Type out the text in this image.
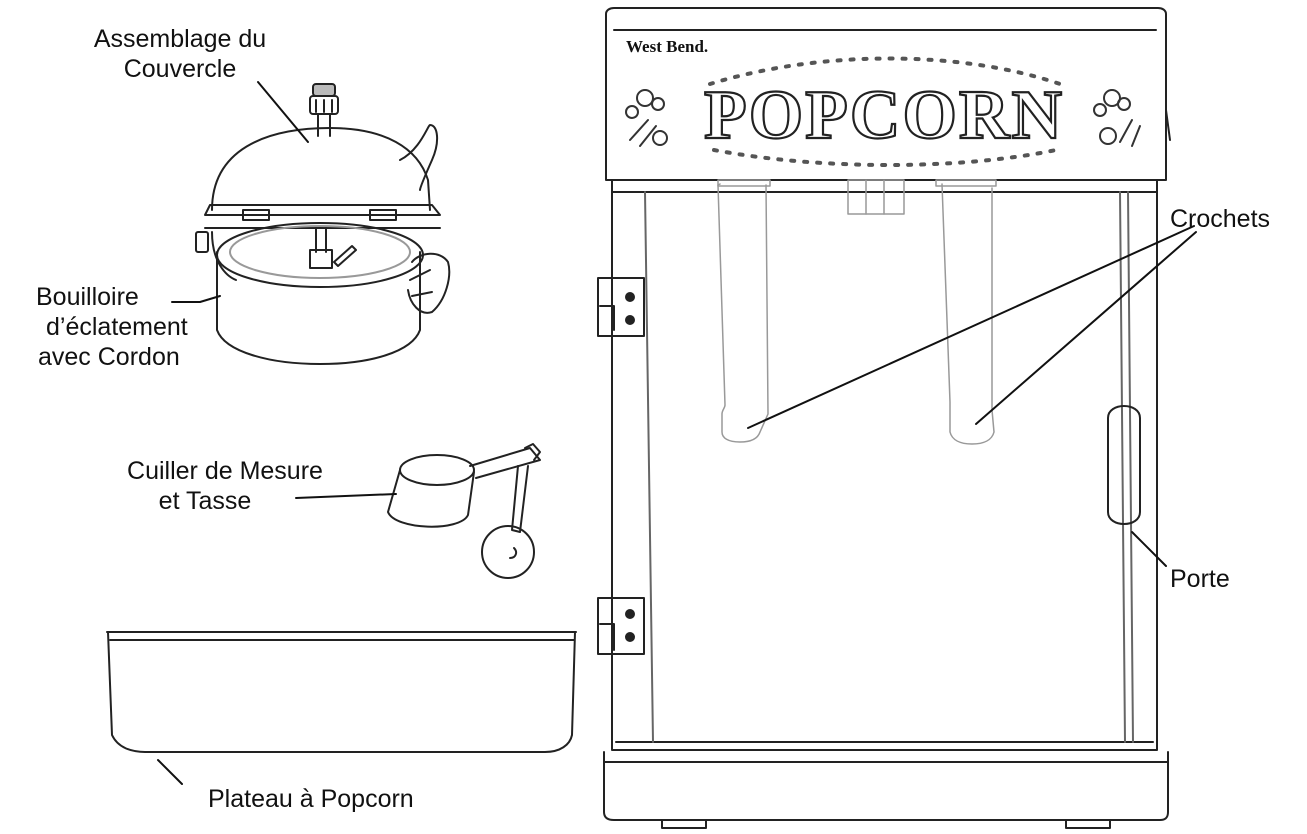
West Bend.
POPCORN
Assemblage du
Couvercle
Bouilloire
d’éclatement
avec Cordon
Cuiller de Mesure
et Tasse
Plateau à Popcorn
Crochets
Porte
